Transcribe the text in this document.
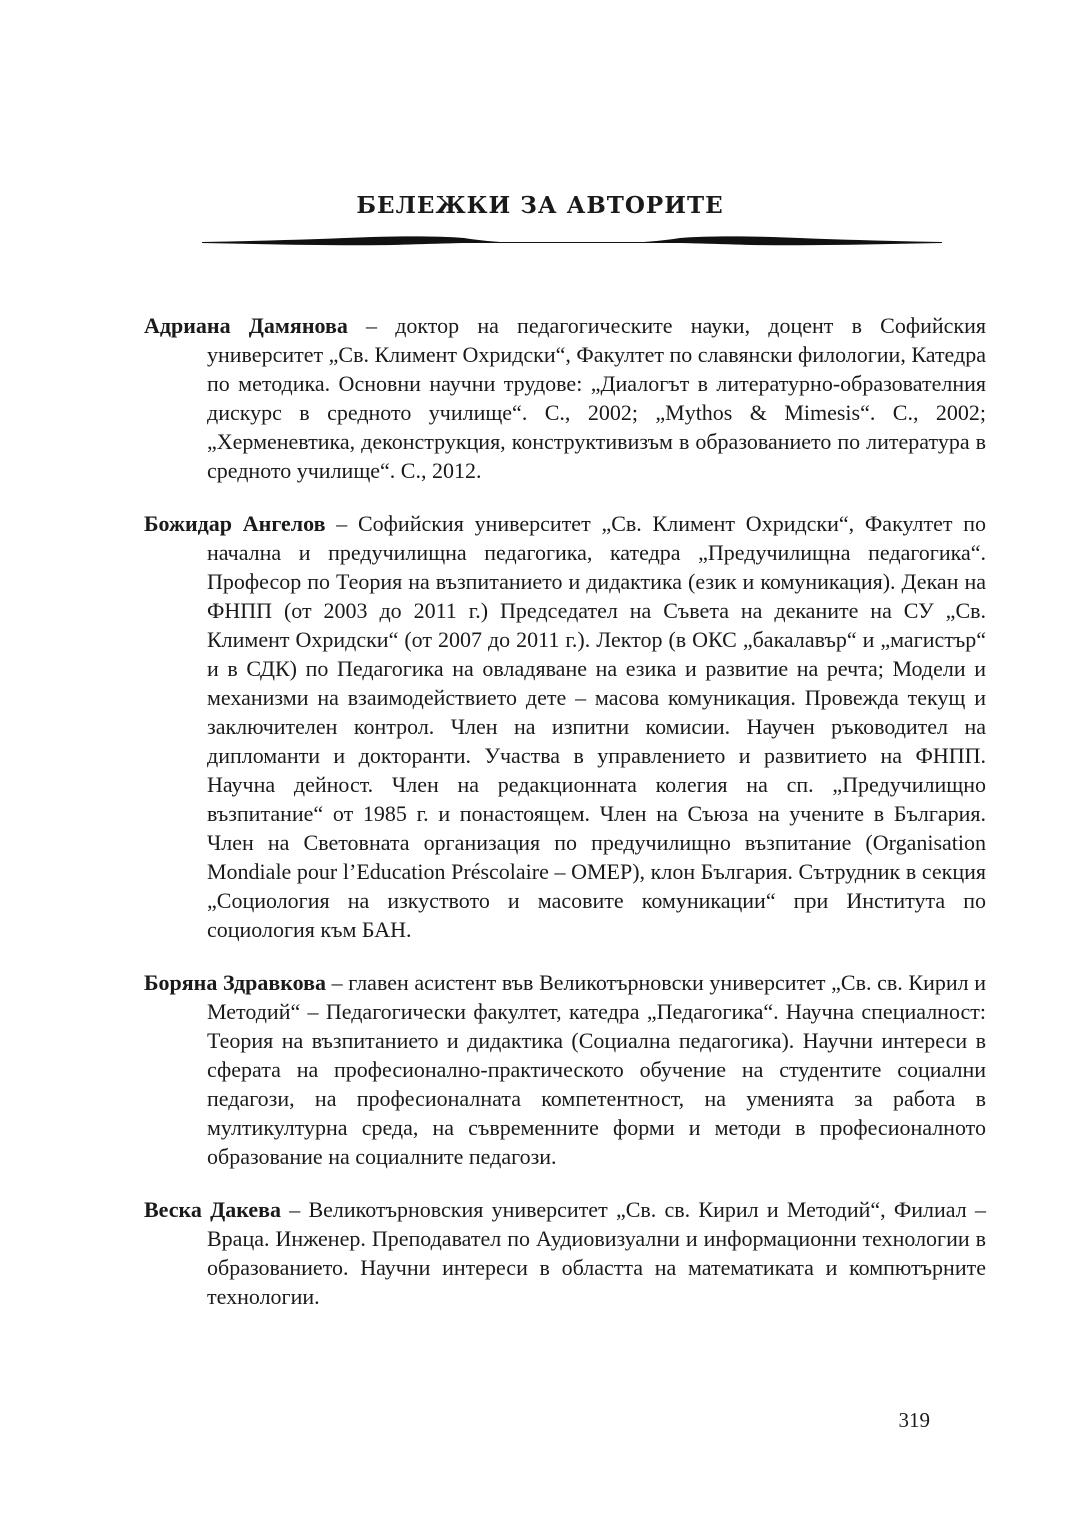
БЕЛЕЖКИ ЗА АВТОРИТЕ

Адриана Дамянова – доктор на педагогическите науки, доцент в Софийския университет „Св. Климент Охридски“, Факултет по славянски филологии, Катедра по методика. Основни научни трудове: „Диалогът в литературно-образователния дискурс в средното училище“. С., 2002; „Mythos & Mimesis“. С., 2002; „Херменевтика, деконструкция, конструктивизъм в образованието по литература в средното училище“. С., 2012.

Божидар Ангелов – Софийския университет „Св. Климент Охридски“, Факултет по начална и предучилищна педагогика, катедра „Предучилищна педагогика“. Професор по Теория на възпитанието и дидактика (език и комуникация). Декан на ФНПП (от 2003 до 2011 г.) Председател на Съвета на деканите на СУ „Св. Климент Охридски“ (от 2007 до 2011 г.). Лектор (в ОКС „бакалавър“ и „магистър“ и в СДК) по Педагогика на овладяване на езика и развитие на речта; Модели и механизми на взаимодействието дете – масова комуникация. Провежда текущ и заключителен контрол. Член на изпитни комисии. Научен ръководител на дипломанти и докторанти. Участва в управлението и развитието на ФНПП. Научна дейност. Член на редакционната колегия на сп. „Предучилищно възпитание“ от 1985 г. и понастоящем. Член на Съюза на учените в България. Член на Световната организация по предучилищно възпитание (Organisation Mondiale pour l’Education Préscolaire – OMEP), клон България. Сътрудник в секция „Социология на изкуството и масовите комуникации“ при Института по социология към БАН.

Боряна Здравкова – главен асистент във Великотърновски университет „Св. св. Кирил и Методий“ – Педагогически факултет, катедра „Педагогика“. Научна специалност: Теория на възпитанието и дидактика (Социална педагогика). Научни интереси в сферата на професионално-практическото обучение на студентите социални педагози, на професионалната компетентност, на уменията за работа в мултикултурна среда, на съвременните форми и методи в професионалното образование на социалните педагози.

Веска Дакева – Великотърновския университет „Св. св. Кирил и Методий“, Филиал – Враца. Инженер. Преподавател по Аудиовизуални и информационни технологии в образованието. Научни интереси в областта на математиката и компютърните технологии.

319
